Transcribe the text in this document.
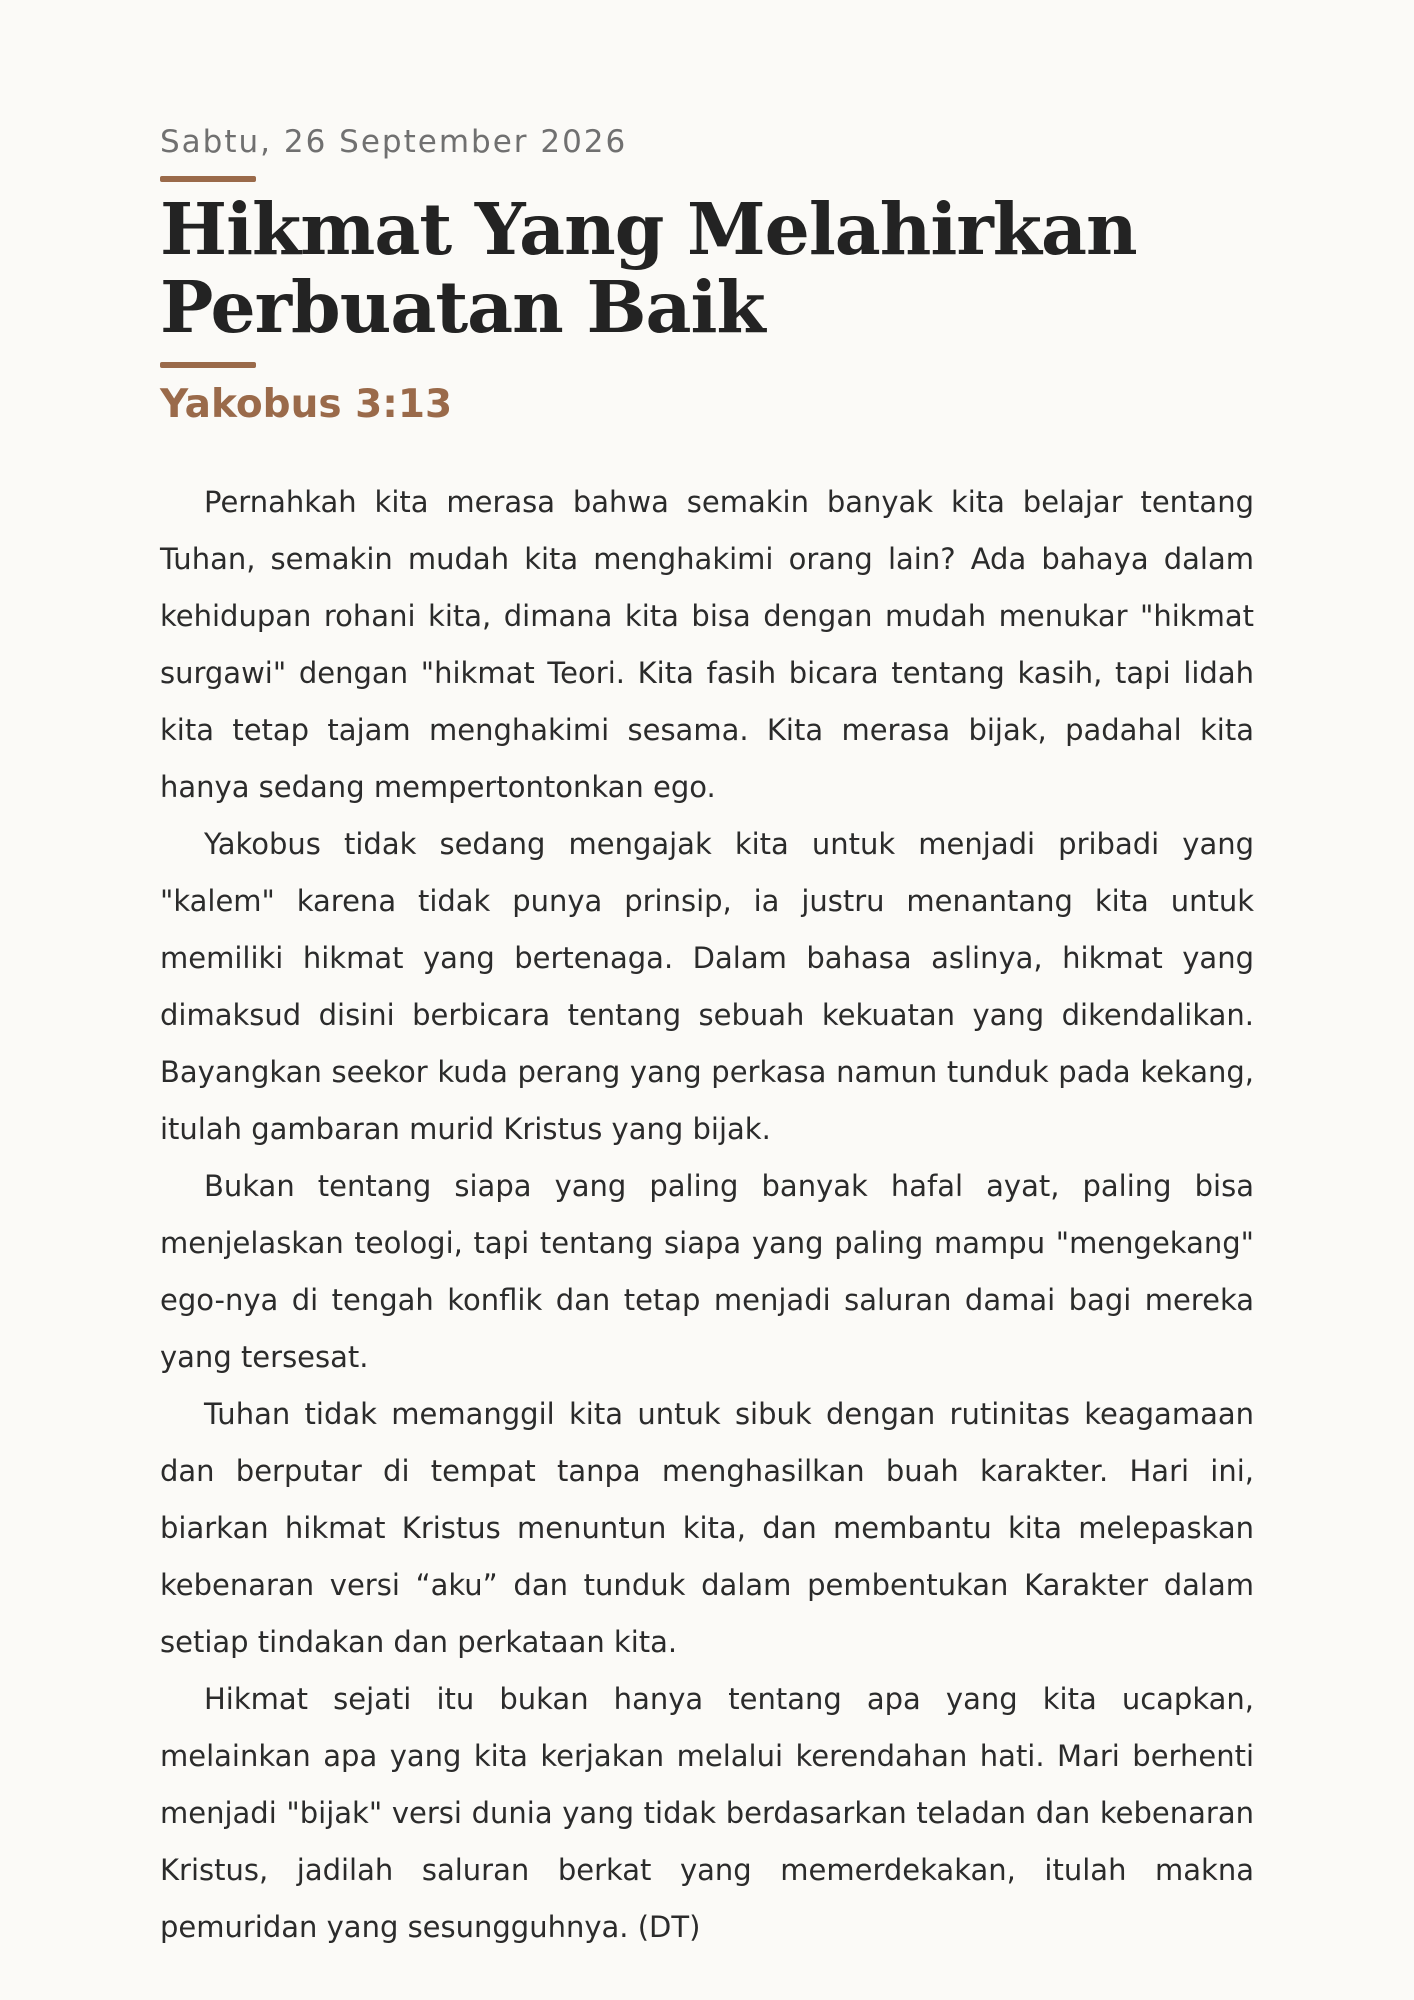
Sabtu, 26 September 2026

Hikmat Yang Melahirkan Perbuatan Baik
Yakobus 3:13

Pernahkah kita merasa bahwa semakin banyak kita belajar tentang Tuhan, semakin mudah kita menghakimi orang lain? Ada bahaya dalam kehidupan rohani kita, dimana kita bisa dengan mudah menukar "hikmat surgawi" dengan "hikmat Teori. Kita fasih bicara tentang kasih, tapi lidah kita tetap tajam menghakimi sesama. Kita merasa bijak, padahal kita hanya sedang mempertontonkan ego.

Yakobus tidak sedang mengajak kita untuk menjadi pribadi yang "kalem" karena tidak punya prinsip, ia justru menantang kita untuk memiliki hikmat yang bertenaga. Dalam bahasa aslinya, hikmat yang dimaksud disini berbicara tentang sebuah kekuatan yang dikendalikan. Bayangkan seekor kuda perang yang perkasa namun tunduk pada kekang, itulah gambaran murid Kristus yang bijak.

Bukan tentang siapa yang paling banyak hafal ayat, paling bisa menjelaskan teologi, tapi tentang siapa yang paling mampu "mengekang" ego-nya di tengah konflik dan tetap menjadi saluran damai bagi mereka yang tersesat.

Tuhan tidak memanggil kita untuk sibuk dengan rutinitas keagamaan dan berputar di tempat tanpa menghasilkan buah karakter. Hari ini, biarkan hikmat Kristus menuntun kita, dan membantu kita melepaskan kebenaran versi “aku” dan tunduk dalam pembentukan Karakter dalam setiap tindakan dan perkataan kita.

Hikmat sejati itu bukan hanya tentang apa yang kita ucapkan, melainkan apa yang kita kerjakan melalui kerendahan hati. Mari berhenti menjadi "bijak" versi dunia yang tidak berdasarkan teladan dan kebenaran Kristus, jadilah saluran berkat yang memerdekakan, itulah makna pemuridan yang sesungguhnya. (DT)
